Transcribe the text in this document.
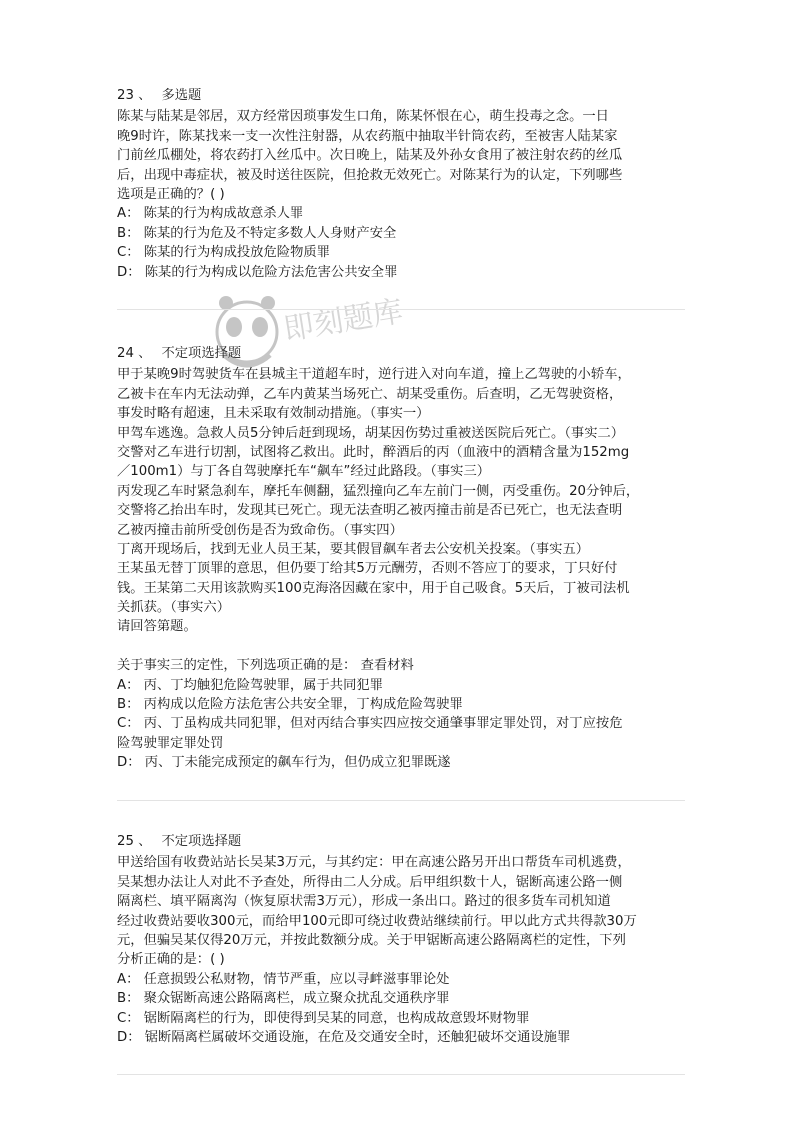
即刻题库
23 、 多选题
陈某与陆某是邻居，双方经常因琐事发生口角，陈某怀恨在心，萌生投毒之念。一日
晚9时许，陈某找来一支一次性注射器，从农药瓶中抽取半针筒农药，至被害人陆某家
门前丝瓜棚处，将农药打入丝瓜中。次日晚上，陆某及外孙女食用了被注射农药的丝瓜
后，出现中毒症状，被及时送往医院，但抢救无效死亡。对陈某行为的认定，下列哪些
选项是正确的？( )
A： 陈某的行为构成故意杀人罪
B： 陈某的行为危及不特定多数人人身财产安全
C： 陈某的行为构成投放危险物质罪
D： 陈某的行为构成以危险方法危害公共安全罪
24 、 不定项选择题
甲于某晚9时驾驶货车在县城主干道超车时，逆行进入对向车道，撞上乙驾驶的小轿车，
乙被卡在车内无法动弹，乙车内黄某当场死亡、胡某受重伤。后查明，乙无驾驶资格，
事发时略有超速，且未采取有效制动措施。（事实一）
甲驾车逃逸。急救人员5分钟后赶到现场，胡某因伤势过重被送医院后死亡。（事实二）
交警对乙车进行切割，试图将乙救出。此时，醉酒后的丙（血液中的酒精含量为152mg
／100m1）与丁各自驾驶摩托车“飙车”经过此路段。（事实三）
丙发现乙车时紧急刹车，摩托车侧翻，猛烈撞向乙车左前门一侧，丙受重伤。20分钟后，
交警将乙抬出车时，发现其已死亡。现无法查明乙被丙撞击前是否已死亡，也无法查明
乙被丙撞击前所受创伤是否为致命伤。（事实四）
丁离开现场后，找到无业人员王某，要其假冒飙车者去公安机关投案。（事实五）
王某虽无替丁顶罪的意思，但仍要丁给其5万元酬劳，否则不答应丁的要求，丁只好付
钱。王某第二天用该款购买100克海洛因藏在家中，用于自己吸食。5天后，丁被司法机
关抓获。（事实六）
请回答第题。
关于事实三的定性，下列选项正确的是： 查看材料
A： 丙、丁均触犯危险驾驶罪，属于共同犯罪
B： 丙构成以危险方法危害公共安全罪，丁构成危险驾驶罪
C： 丙、丁虽构成共同犯罪，但对丙结合事实四应按交通肇事罪定罪处罚，对丁应按危
险驾驶罪定罪处罚
D： 丙、丁未能完成预定的飙车行为，但仍成立犯罪既遂
25 、 不定项选择题
甲送给国有收费站站长吴某3万元，与其约定：甲在高速公路另开出口帮货车司机逃费，
吴某想办法让人对此不予查处，所得由二人分成。后甲组织数十人，锯断高速公路一侧
隔离栏、填平隔离沟（恢复原状需3万元），形成一条出口。路过的很多货车司机知道
经过收费站要收300元，而给甲100元即可绕过收费站继续前行。甲以此方式共得款30万
元，但骗吴某仅得20万元，并按此数额分成。关于甲锯断高速公路隔离栏的定性，下列
分析正确的是：( )
A： 任意损毁公私财物，情节严重，应以寻衅滋事罪论处
B： 聚众锯断高速公路隔离栏，成立聚众扰乱交通秩序罪
C： 锯断隔离栏的行为，即使得到吴某的同意，也构成故意毁坏财物罪
D： 锯断隔离栏属破坏交通设施，在危及交通安全时，还触犯破坏交通设施罪
